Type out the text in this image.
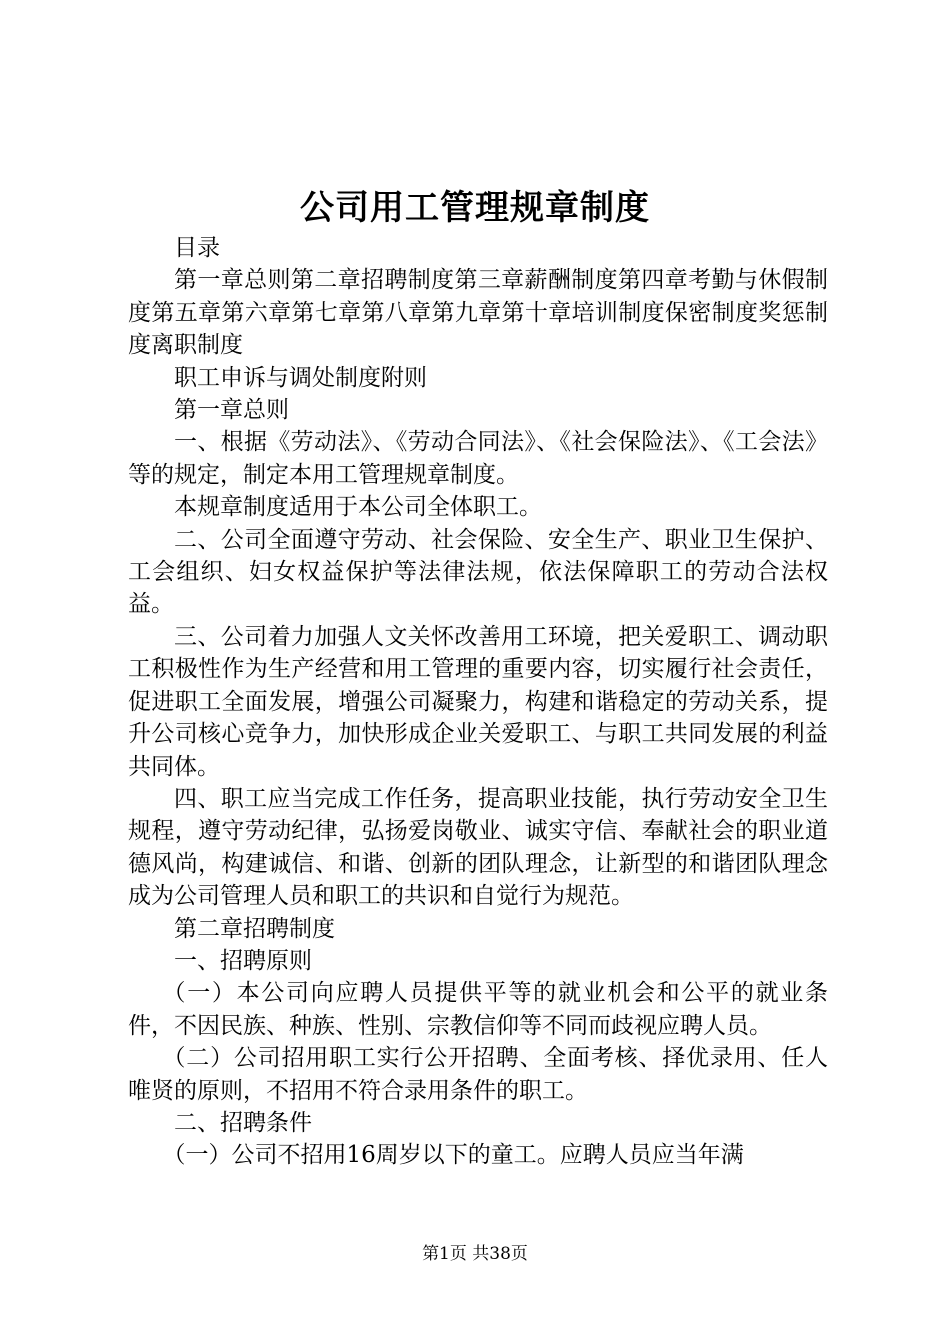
公司用工管理规章制度

目录

第一章总则第二章招聘制度第三章薪酬制度第四章考勤与休假制度第五章第六章第七章第八章第九章第十章培训制度保密制度奖惩制度离职制度

职工申诉与调处制度附则

第一章总则

一、根据《劳动法》、《劳动合同法》、《社会保险法》、《工会法》等的规定，制定本用工管理规章制度。

本规章制度适用于本公司全体职工。

二、公司全面遵守劳动、社会保险、安全生产、职业卫生保护、工会组织、妇女权益保护等法律法规，依法保障职工的劳动合法权益。

三、公司着力加强人文关怀改善用工环境，把关爱职工、调动职工积极性作为生产经营和用工管理的重要内容，切实履行社会责任，促进职工全面发展，增强公司凝聚力，构建和谐稳定的劳动关系，提升公司核心竞争力，加快形成企业关爱职工、与职工共同发展的利益共同体。

四、职工应当完成工作任务，提高职业技能，执行劳动安全卫生规程，遵守劳动纪律，弘扬爱岗敬业、诚实守信、奉献社会的职业道德风尚，构建诚信、和谐、创新的团队理念，让新型的和谐团队理念成为公司管理人员和职工的共识和自觉行为规范。

第二章招聘制度

一、招聘原则

（一）本公司向应聘人员提供平等的就业机会和公平的就业条件，不因民族、种族、性别、宗教信仰等不同而歧视应聘人员。

（二）公司招用职工实行公开招聘、全面考核、择优录用、任人唯贤的原则，不招用不符合录用条件的职工。

二、招聘条件

（一）公司不招用16周岁以下的童工。应聘人员应当年满

第1页 共38页
